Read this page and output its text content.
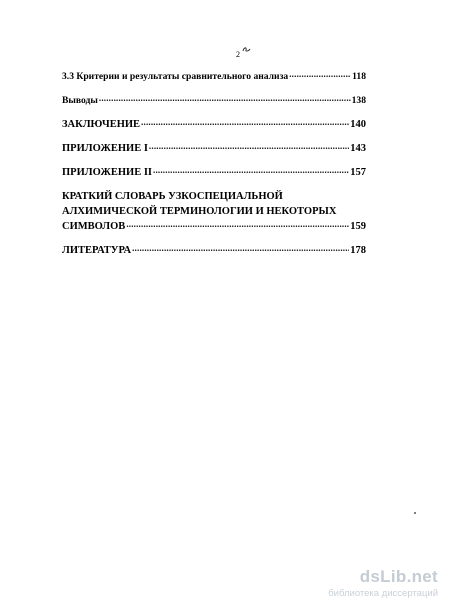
2
3.3 Критерии и результаты сравнительного анализа .....	118
Выводы .....	138
ЗАКЛЮЧЕНИЕ .....	140
ПРИЛОЖЕНИЕ I .....	143
ПРИЛОЖЕНИЕ II .....	157
КРАТКИЙ СЛОВАРЬ УЗКОСПЕЦИАЛЬНОЙ
АЛХИМИЧЕСКОЙ ТЕРМИНОЛОГИИ И НЕКОТОРЫХ
СИМВОЛОВ .....	159
ЛИТЕРАТУРА .....	178
dsLib.net
библиотека диссертаций
